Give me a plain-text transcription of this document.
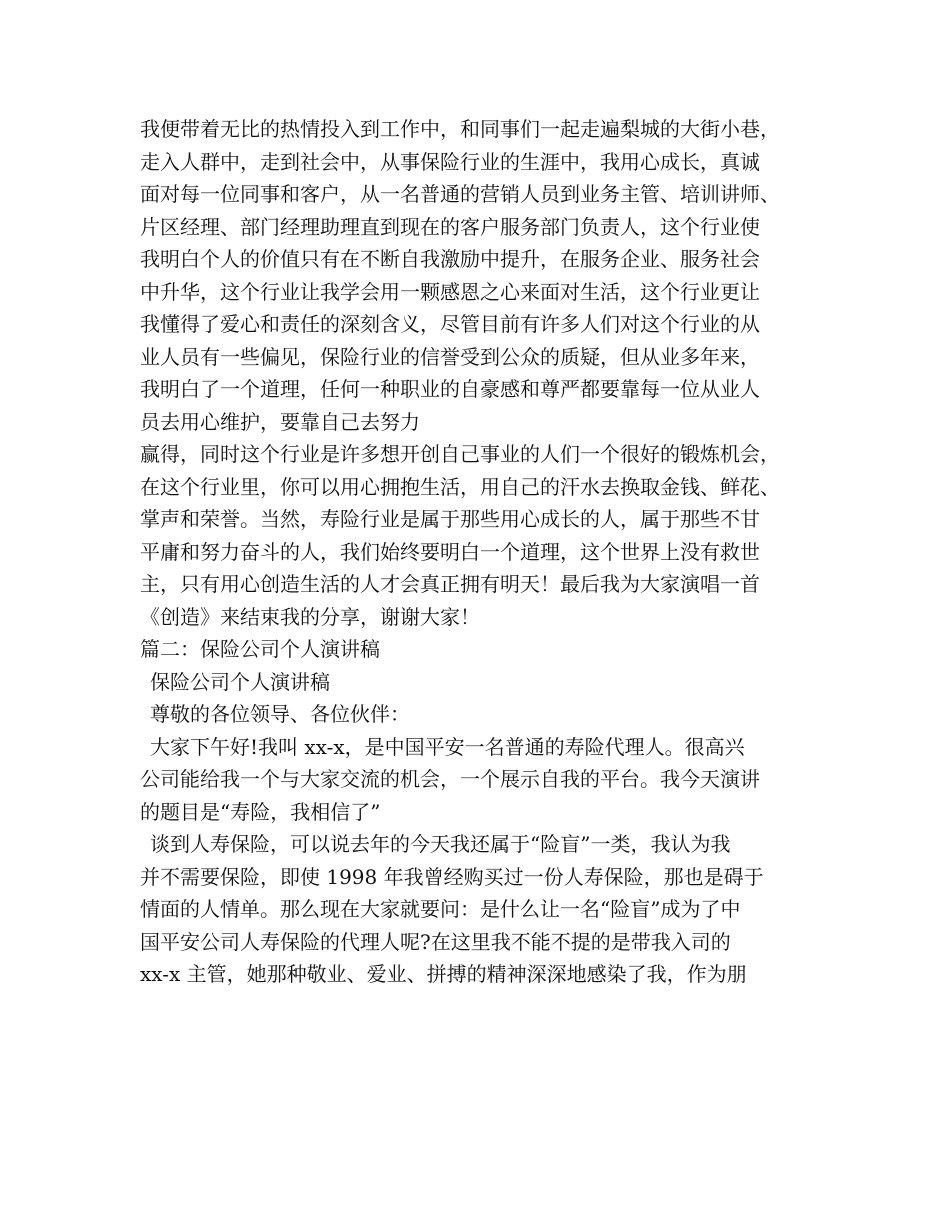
我便带着无比的热情投入到工作中，和同事们一起走遍梨城的大街小巷，
走入人群中，走到社会中，从事保险行业的生涯中，我用心成长，真诚
面对每一位同事和客户，从一名普通的营销人员到业务主管、培训讲师、
片区经理、部门经理助理直到现在的客户服务部门负责人，这个行业使
我明白个人的价值只有在不断自我激励中提升，在服务企业、服务社会
中升华，这个行业让我学会用一颗感恩之心来面对生活，这个行业更让
我懂得了爱心和责任的深刻含义，尽管目前有许多人们对这个行业的从
业人员有一些偏见，保险行业的信誉受到公众的质疑，但从业多年来，
我明白了一个道理，任何一种职业的自豪感和尊严都要靠每一位从业人
员去用心维护，要靠自己去努力
赢得，同时这个行业是许多想开创自己事业的人们一个很好的锻炼机会，
在这个行业里，你可以用心拥抱生活，用自己的汗水去换取金钱、鲜花、
掌声和荣誉。当然，寿险行业是属于那些用心成长的人，属于那些不甘
平庸和努力奋斗的人，我们始终要明白一个道理，这个世界上没有救世
主，只有用心创造生活的人才会真正拥有明天！最后我为大家演唱一首
《创造》来结束我的分享，谢谢大家！
篇二：保险公司个人演讲稿
保险公司个人演讲稿
尊敬的各位领导、各位伙伴：
大家下午好!我叫 xx-x，是中国平安一名普通的寿险代理人。很高兴
公司能给我一个与大家交流的机会，一个展示自我的平台。我今天演讲
的题目是“寿险，我相信了”
谈到人寿保险，可以说去年的今天我还属于“险盲”一类，我认为我
并不需要保险，即使 1998 年我曾经购买过一份人寿保险，那也是碍于
情面的人情单。那么现在大家就要问：是什么让一名“险盲”成为了中
国平安公司人寿保险的代理人呢?在这里我不能不提的是带我入司的
xx-x 主管，她那种敬业、爱业、拼搏的精神深深地感染了我，作为朋
